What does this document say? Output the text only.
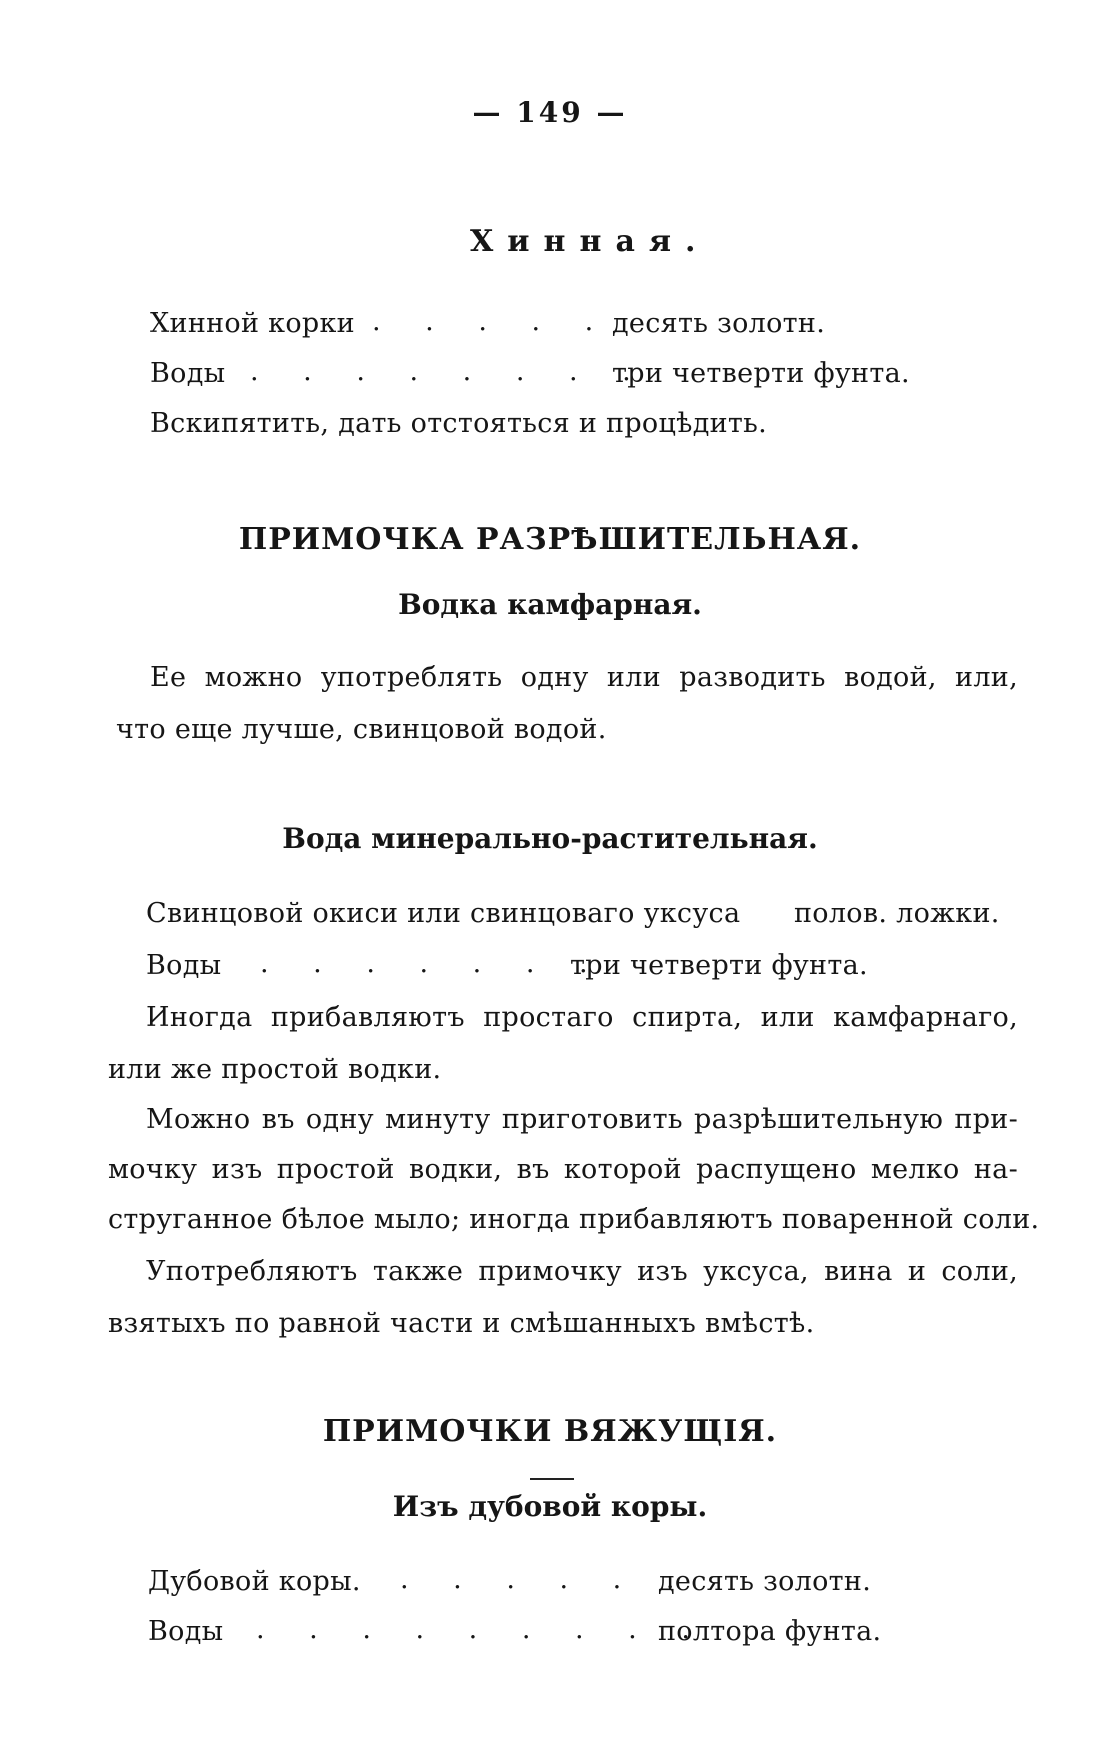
— 149 —
Хинная.
Хинной корки . . . . . десять золотн.
Воды . . . . . . . .
три четверти фунта.
Вскипятить, дать отстояться и процѣдить.
ПРИМОЧКА РАЗРѢШИТЕЛЬНАЯ.
Водка камфарная.
Ее можно употреблять одну или разводить водой, или,
что еще лучше, свинцовой водой.
Вода минерально-растительная.
Свинцовой окиси или свинцоваго уксуса полов. ложки.
Воды . . . . . . .
три четверти фунта.
Иногда прибавляютъ простаго спирта, или камфарнаго,
или же простой водки.
Можно въ одну минуту приготовить разрѣшительную при-
мочку изъ простой водки, въ которой распущено мелко на-
струганное бѣлое мыло; иногда прибавляютъ поваренной соли.
Употребляютъ также примочку изъ уксуса, вина и соли,
взятыхъ по равной части и смѣшанныхъ вмѣстѣ.
ПРИМОЧКИ ВЯЖУЩІЯ.
Изъ дубовой коры.
Дубовой коры. . . . . . .
десять золотн.
Воды . . . . . . . . .
полтора фунта.
